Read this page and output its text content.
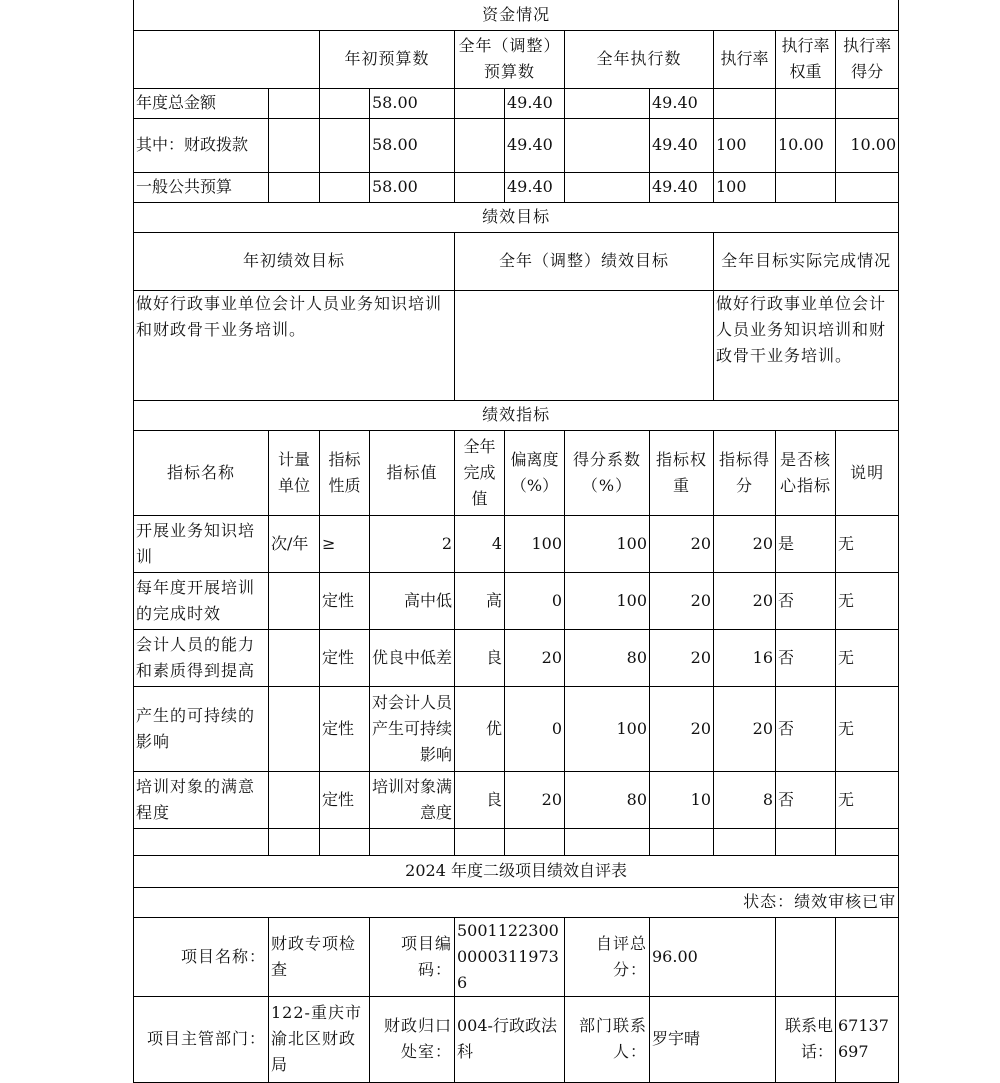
资金情况										
		年初预算数		全年（调整）预算数		全年执行数		执行率	执行率权重	执行率得分
年度总金额			58.00		49.40		49.40			
其中：财政拨款			58.00		49.40		49.40	100	10.00	10.00
一般公共预算			58.00		49.40		49.40	100		
绩效目标										
年初绩效目标				全年（调整）绩效目标				全年目标实际完成情况		
做好行政事业单位会计人员业务知识培训和财政骨干业务培训。								做好行政事业单位会计人员业务知识培训和财政骨干业务培训。		
绩效指标										
指标名称	计量单位	指标性质	指标值	全年完成值	偏离度（%）	得分系数（%）	指标权重	指标得分	是否核心指标	说明
开展业务知识培训	次/年	≥	2	4	100	100	20	20	是	无
每年度开展培训的完成时效		定性	高中低	高	0	100	20	20	否	无
会计人员的能力和素质得到提高		定性	优良中低差	良	20	80	20	16	否	无
产生的可持续的影响		定性	对会计人员产生可持续影响	优	0	100	20	20	否	无
培训对象的满意程度		定性	培训对象满意度	良	20	80	10	8	否	无

2024 年度二级项目绩效自评表										
状态：绩效审核已审										
项目名称：	财政专项检查		项目编码：	500112230000003119736		自评总分：	96.00			
项目主管部门：	122-重庆市渝北区财政局		财政归口处室：	004-行政政法科		部门联系人：	罗宇晴		联系电话：	67137697
